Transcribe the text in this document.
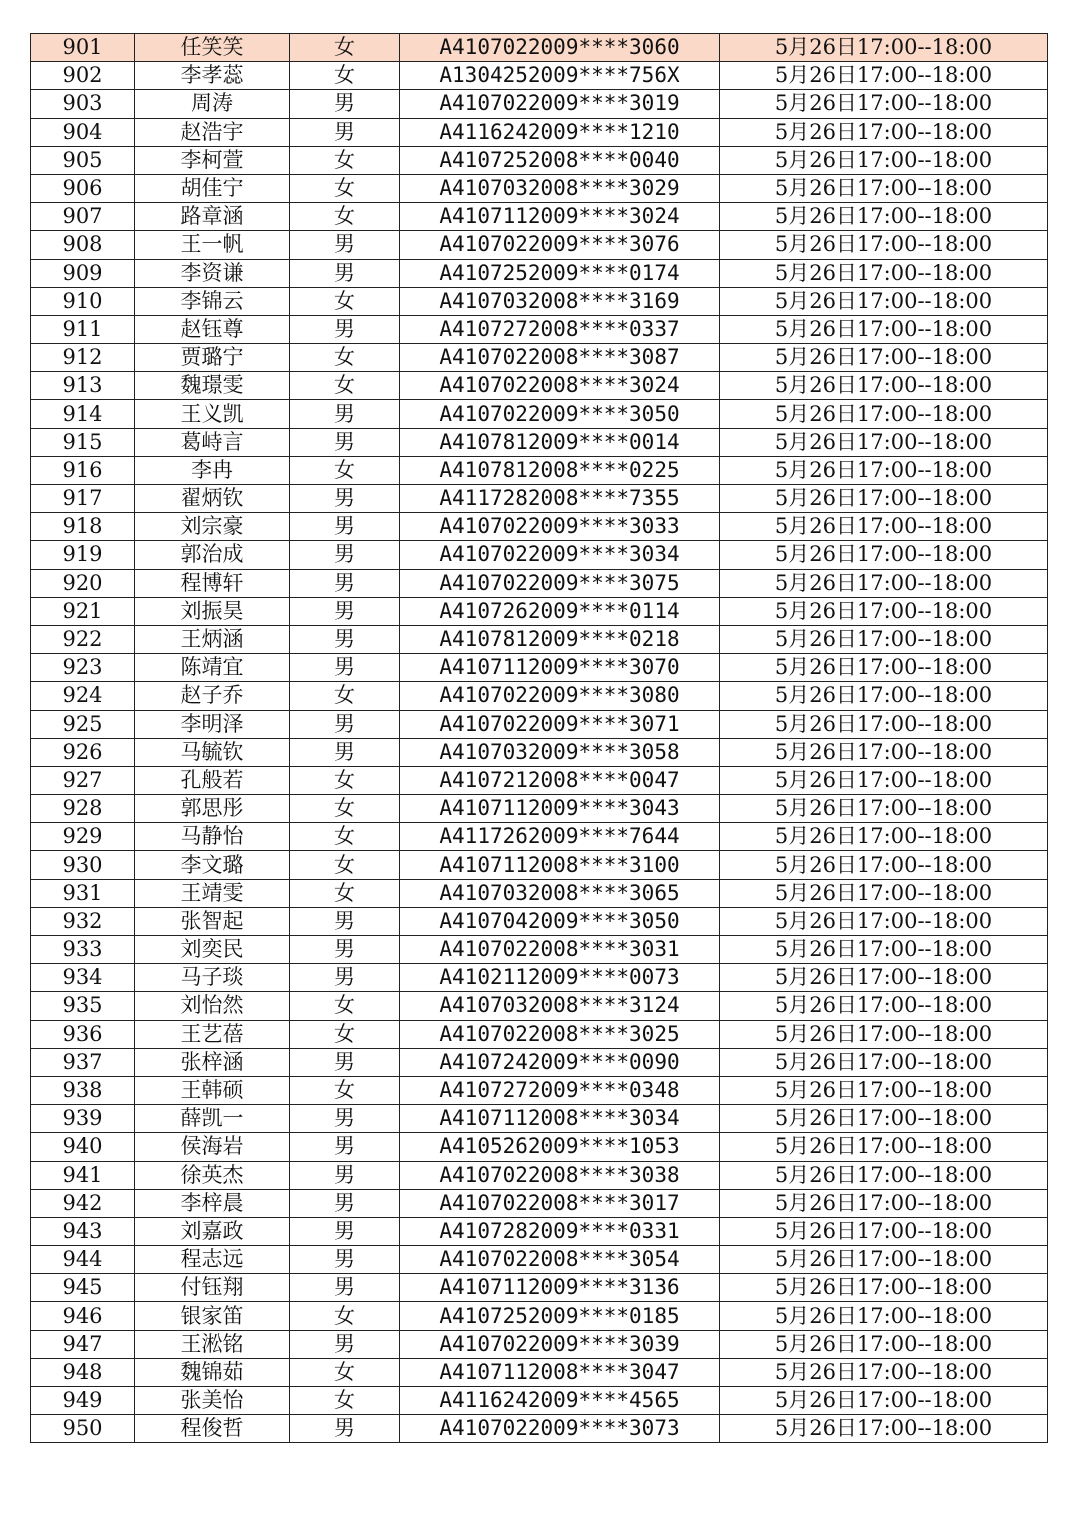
901	任笑笑	女	A4107022009****3060	5月26日17:00--18:00
902	李孝蕊	女	A1304252009****756X	5月26日17:00--18:00
903	周涛	男	A4107022009****3019	5月26日17:00--18:00
904	赵浩宇	男	A4116242009****1210	5月26日17:00--18:00
905	李柯萱	女	A4107252008****0040	5月26日17:00--18:00
906	胡佳宁	女	A4107032008****3029	5月26日17:00--18:00
907	路章涵	女	A4107112009****3024	5月26日17:00--18:00
908	王一帆	男	A4107022009****3076	5月26日17:00--18:00
909	李资谦	男	A4107252009****0174	5月26日17:00--18:00
910	李锦云	女	A4107032008****3169	5月26日17:00--18:00
911	赵钰尊	男	A4107272008****0337	5月26日17:00--18:00
912	贾璐宁	女	A4107022008****3087	5月26日17:00--18:00
913	魏璟雯	女	A4107022008****3024	5月26日17:00--18:00
914	王义凯	男	A4107022009****3050	5月26日17:00--18:00
915	葛峙言	男	A4107812009****0014	5月26日17:00--18:00
916	李冉	女	A4107812008****0225	5月26日17:00--18:00
917	翟炳钦	男	A4117282008****7355	5月26日17:00--18:00
918	刘宗豪	男	A4107022009****3033	5月26日17:00--18:00
919	郭治成	男	A4107022009****3034	5月26日17:00--18:00
920	程博轩	男	A4107022009****3075	5月26日17:00--18:00
921	刘振昊	男	A4107262009****0114	5月26日17:00--18:00
922	王炳涵	男	A4107812009****0218	5月26日17:00--18:00
923	陈靖宜	男	A4107112009****3070	5月26日17:00--18:00
924	赵子乔	女	A4107022009****3080	5月26日17:00--18:00
925	李明泽	男	A4107022009****3071	5月26日17:00--18:00
926	马毓钦	男	A4107032009****3058	5月26日17:00--18:00
927	孔般若	女	A4107212008****0047	5月26日17:00--18:00
928	郭思彤	女	A4107112009****3043	5月26日17:00--18:00
929	马静怡	女	A4117262009****7644	5月26日17:00--18:00
930	李文璐	女	A4107112008****3100	5月26日17:00--18:00
931	王靖雯	女	A4107032008****3065	5月26日17:00--18:00
932	张智起	男	A4107042009****3050	5月26日17:00--18:00
933	刘奕民	男	A4107022008****3031	5月26日17:00--18:00
934	马子琰	男	A4102112009****0073	5月26日17:00--18:00
935	刘怡然	女	A4107032008****3124	5月26日17:00--18:00
936	王艺蓓	女	A4107022008****3025	5月26日17:00--18:00
937	张梓涵	男	A4107242009****0090	5月26日17:00--18:00
938	王韩硕	女	A4107272009****0348	5月26日17:00--18:00
939	薛凯一	男	A4107112008****3034	5月26日17:00--18:00
940	侯海岩	男	A4105262009****1053	5月26日17:00--18:00
941	徐英杰	男	A4107022008****3038	5月26日17:00--18:00
942	李梓晨	男	A4107022008****3017	5月26日17:00--18:00
943	刘嘉政	男	A4107282009****0331	5月26日17:00--18:00
944	程志远	男	A4107022008****3054	5月26日17:00--18:00
945	付钰翔	男	A4107112009****3136	5月26日17:00--18:00
946	银家笛	女	A4107252009****0185	5月26日17:00--18:00
947	王淞铭	男	A4107022009****3039	5月26日17:00--18:00
948	魏锦茹	女	A4107112008****3047	5月26日17:00--18:00
949	张美怡	女	A4116242009****4565	5月26日17:00--18:00
950	程俊哲	男	A4107022009****3073	5月26日17:00--18:00
